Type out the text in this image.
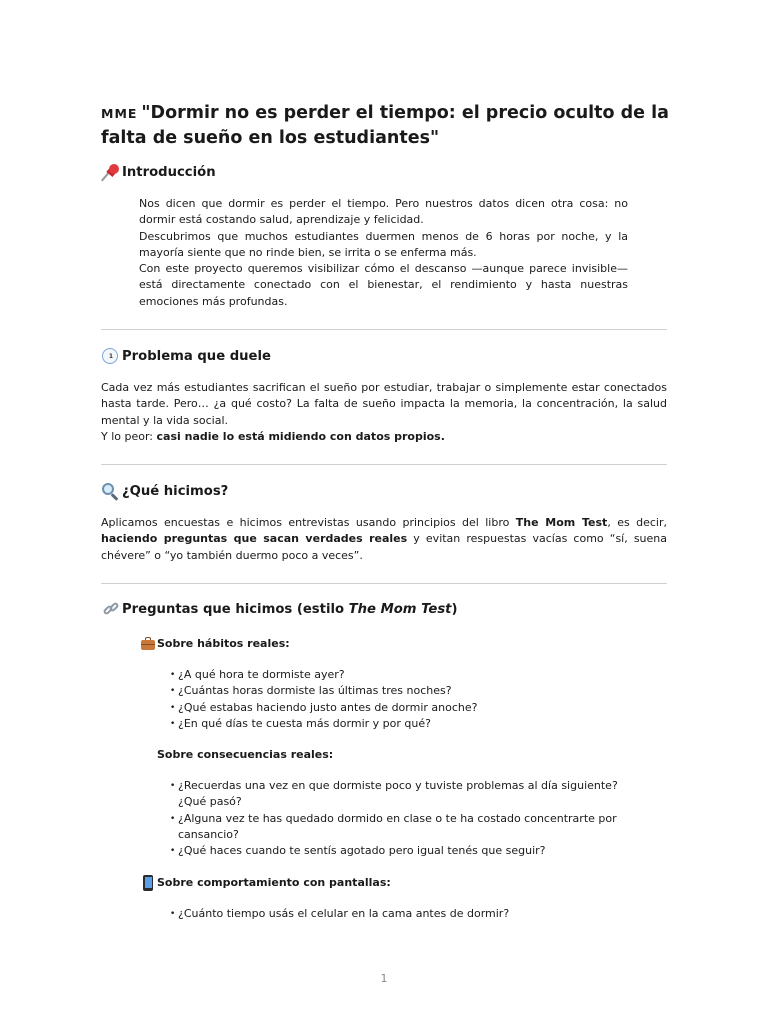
MME "Dormir no es perder el tiempo: el precio oculto de la falta de sueño en los estudiantes"
Introducción
Nos dicen que dormir es perder el tiempo. Pero nuestros datos dicen otra cosa: no dormir está costando salud, aprendizaje y felicidad.
Descubrimos que muchos estudiantes duermen menos de 6 horas por noche, y la mayoría siente que no rinde bien, se irrita o se enferma más.
Con este proyecto queremos visibilizar cómo el descanso —aunque parece invisible— está directamente conectado con el bienestar, el rendimiento y hasta nuestras emociones más profundas.
1 Problema que duele
Cada vez más estudiantes sacrifican el sueño por estudiar, trabajar o simplemente estar conectados hasta tarde. Pero… ¿a qué costo? La falta de sueño impacta la memoria, la concentración, la salud mental y la vida social.
Y lo peor: casi nadie lo está midiendo con datos propios.
¿Qué hicimos?
Aplicamos encuestas e hicimos entrevistas usando principios del libro The Mom Test, es decir, haciendo preguntas que sacan verdades reales y evitan respuestas vacías como “sí, suena chévere” o “yo también duermo poco a veces”.
Preguntas que hicimos (estilo The Mom Test)
Sobre hábitos reales:
• ¿A qué hora te dormiste ayer?
• ¿Cuántas horas dormiste las últimas tres noches?
• ¿Qué estabas haciendo justo antes de dormir anoche?
• ¿En qué días te cuesta más dormir y por qué?
Sobre consecuencias reales:
• ¿Recuerdas una vez en que dormiste poco y tuviste problemas al día siguiente? ¿Qué pasó?
• ¿Alguna vez te has quedado dormido en clase o te ha costado concentrarte por cansancio?
• ¿Qué haces cuando te sentís agotado pero igual tenés que seguir?
Sobre comportamiento con pantallas:
• ¿Cuánto tiempo usás el celular en la cama antes de dormir?
1
